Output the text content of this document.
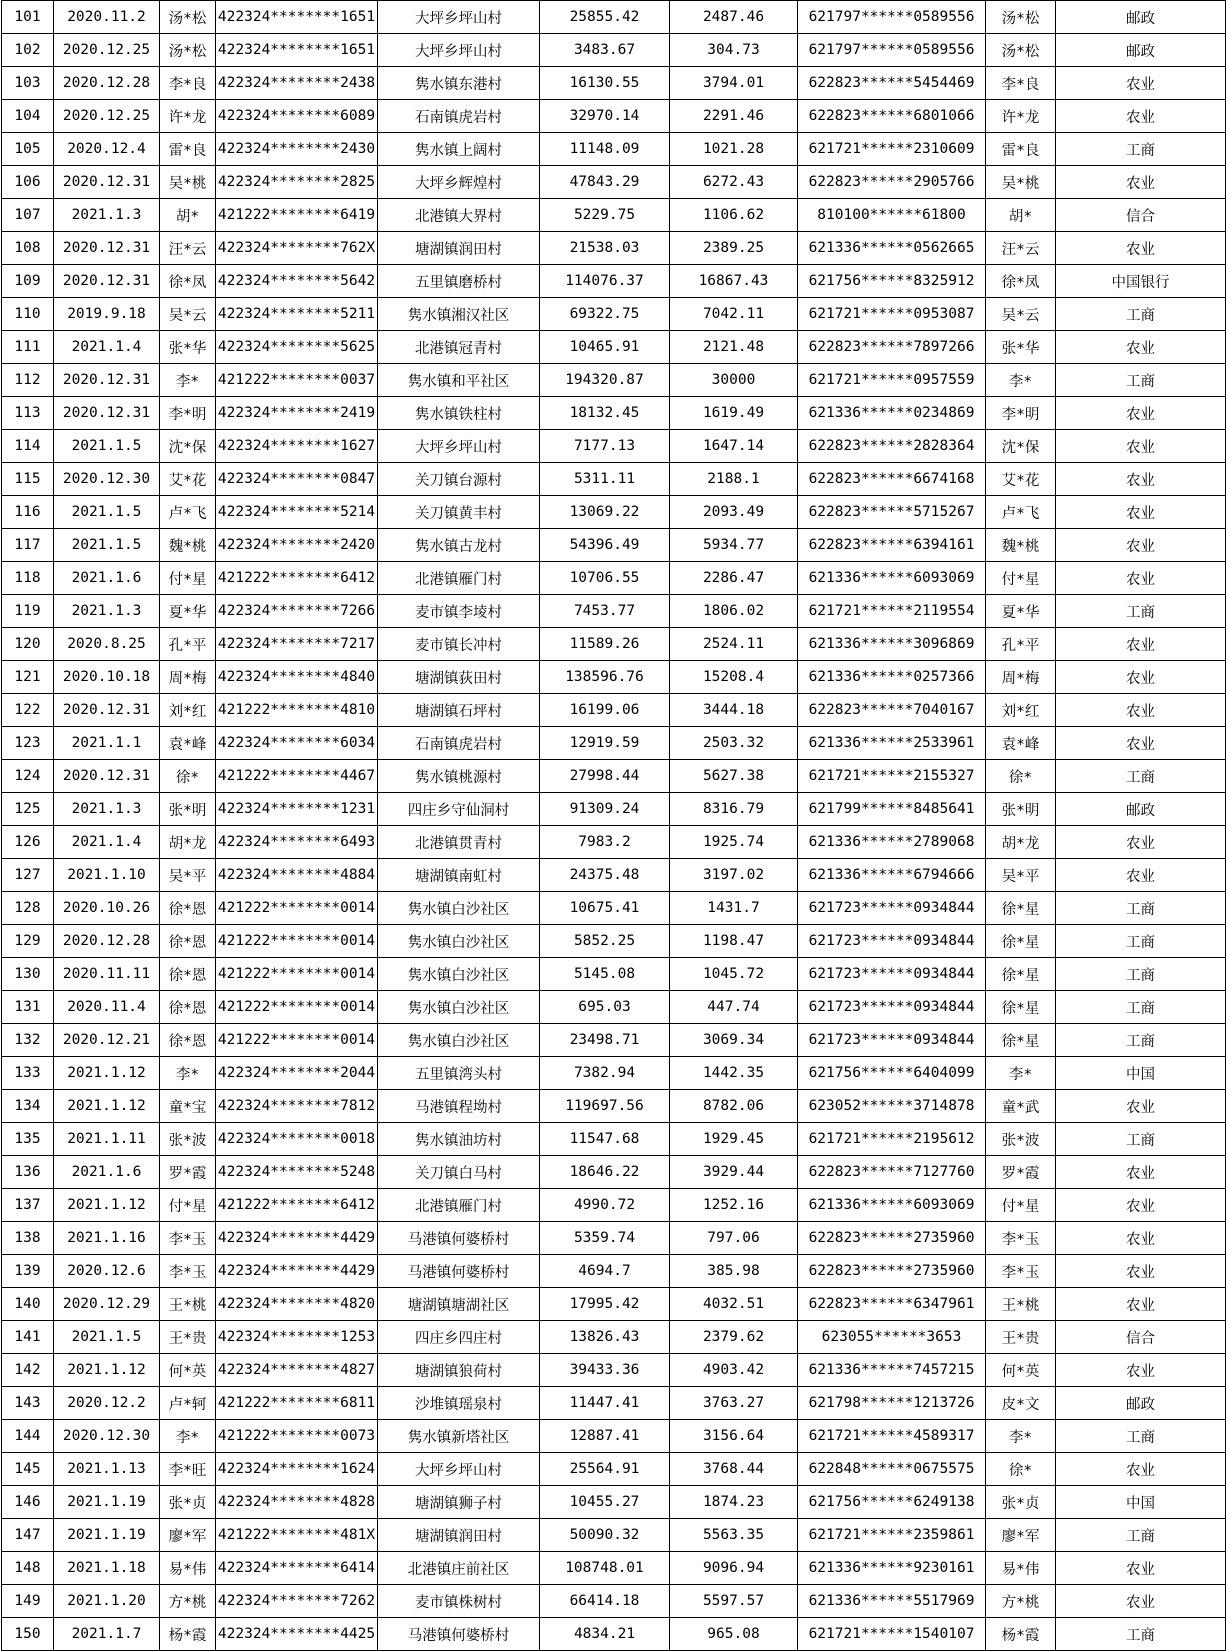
101	2020.11.2	汤*松	422324********1651	大坪乡坪山村	25855.42	2487.46	621797******0589556	汤*松	邮政
102	2020.12.25	汤*松	422324********1651	大坪乡坪山村	3483.67	304.73	621797******0589556	汤*松	邮政
103	2020.12.28	李*良	422324********2438	隽水镇东港村	16130.55	3794.01	622823******5454469	李*良	农业
104	2020.12.25	许*龙	422324********6089	石南镇虎岩村	32970.14	2291.46	622823******6801066	许*龙	农业
105	2020.12.4	雷*良	422324********2430	隽水镇上阔村	11148.09	1021.28	621721******2310609	雷*良	工商
106	2020.12.31	吴*桃	422324********2825	大坪乡辉煌村	47843.29	6272.43	622823******2905766	吴*桃	农业
107	2021.1.3	胡*	421222********6419	北港镇大界村	5229.75	1106.62	810100******61800	胡*	信合
108	2020.12.31	汪*云	422324********762X	塘湖镇润田村	21538.03	2389.25	621336******0562665	汪*云	农业
109	2020.12.31	徐*凤	422324********5642	五里镇磨桥村	114076.37	16867.43	621756******8325912	徐*凤	中国银行
110	2019.9.18	吴*云	422324********5211	隽水镇湘汉社区	69322.75	7042.11	621721******0953087	吴*云	工商
111	2021.1.4	张*华	422324********5625	北港镇冠青村	10465.91	2121.48	622823******7897266	张*华	农业
112	2020.12.31	李*	421222********0037	隽水镇和平社区	194320.87	30000	621721******0957559	李*	工商
113	2020.12.31	李*明	422324********2419	隽水镇铁柱村	18132.45	1619.49	621336******0234869	李*明	农业
114	2021.1.5	沈*保	422324********1627	大坪乡坪山村	7177.13	1647.14	622823******2828364	沈*保	农业
115	2020.12.30	艾*花	422324********0847	关刀镇台源村	5311.11	2188.1	622823******6674168	艾*花	农业
116	2021.1.5	卢*飞	422324********5214	关刀镇黄丰村	13069.22	2093.49	622823******5715267	卢*飞	农业
117	2021.1.5	魏*桃	422324********2420	隽水镇古龙村	54396.49	5934.77	622823******6394161	魏*桃	农业
118	2021.1.6	付*星	421222********6412	北港镇雁门村	10706.55	2286.47	621336******6093069	付*星	农业
119	2021.1.3	夏*华	422324********7266	麦市镇李堎村	7453.77	1806.02	621721******2119554	夏*华	工商
120	2020.8.25	孔*平	422324********7217	麦市镇长冲村	11589.26	2524.11	621336******3096869	孔*平	农业
121	2020.10.18	周*梅	422324********4840	塘湖镇荻田村	138596.76	15208.4	621336******0257366	周*梅	农业
122	2020.12.31	刘*红	421222********4810	塘湖镇石坪村	16199.06	3444.18	622823******7040167	刘*红	农业
123	2021.1.1	袁*峰	422324********6034	石南镇虎岩村	12919.59	2503.32	621336******2533961	袁*峰	农业
124	2020.12.31	徐*	421222********4467	隽水镇桃源村	27998.44	5627.38	621721******2155327	徐*	工商
125	2021.1.3	张*明	422324********1231	四庄乡守仙洞村	91309.24	8316.79	621799******8485641	张*明	邮政
126	2021.1.4	胡*龙	422324********6493	北港镇贯青村	7983.2	1925.74	621336******2789068	胡*龙	农业
127	2021.1.10	吴*平	422324********4884	塘湖镇南虹村	24375.48	3197.02	621336******6794666	吴*平	农业
128	2020.10.26	徐*恩	421222********0014	隽水镇白沙社区	10675.41	1431.7	621723******0934844	徐*星	工商
129	2020.12.28	徐*恩	421222********0014	隽水镇白沙社区	5852.25	1198.47	621723******0934844	徐*星	工商
130	2020.11.11	徐*恩	421222********0014	隽水镇白沙社区	5145.08	1045.72	621723******0934844	徐*星	工商
131	2020.11.4	徐*恩	421222********0014	隽水镇白沙社区	695.03	447.74	621723******0934844	徐*星	工商
132	2020.12.21	徐*恩	421222********0014	隽水镇白沙社区	23498.71	3069.34	621723******0934844	徐*星	工商
133	2021.1.12	李*	422324********2044	五里镇湾头村	7382.94	1442.35	621756******6404099	李*	中国
134	2021.1.12	童*宝	422324********7812	马港镇程坳村	119697.56	8782.06	623052******3714878	童*武	农业
135	2021.1.11	张*波	422324********0018	隽水镇油坊村	11547.68	1929.45	621721******2195612	张*波	工商
136	2021.1.6	罗*霞	422324********5248	关刀镇白马村	18646.22	3929.44	622823******7127760	罗*霞	农业
137	2021.1.12	付*星	421222********6412	北港镇雁门村	4990.72	1252.16	621336******6093069	付*星	农业
138	2021.1.16	李*玉	422324********4429	马港镇何婆桥村	5359.74	797.06	622823******2735960	李*玉	农业
139	2020.12.6	李*玉	422324********4429	马港镇何婆桥村	4694.7	385.98	622823******2735960	李*玉	农业
140	2020.12.29	王*桃	422324********4820	塘湖镇塘湖社区	17995.42	4032.51	622823******6347961	王*桃	农业
141	2021.1.5	王*贵	422324********1253	四庄乡四庄村	13826.43	2379.62	623055******3653	王*贵	信合
142	2021.1.12	何*英	422324********4827	塘湖镇狼荷村	39433.36	4903.42	621336******7457215	何*英	农业
143	2020.12.2	卢*轲	421222********6811	沙堆镇瑶泉村	11447.41	3763.27	621798******1213726	皮*文	邮政
144	2020.12.30	李*	421222********0073	隽水镇新塔社区	12887.41	3156.64	621721******4589317	李*	工商
145	2021.1.13	李*旺	422324********1624	大坪乡坪山村	25564.91	3768.44	622848******0675575	徐*	农业
146	2021.1.19	张*贞	422324********4828	塘湖镇狮子村	10455.27	1874.23	621756******6249138	张*贞	中国
147	2021.1.19	廖*军	421222********481X	塘湖镇润田村	50090.32	5563.35	621721******2359861	廖*军	工商
148	2021.1.18	易*伟	422324********6414	北港镇庄前社区	108748.01	9096.94	621336******9230161	易*伟	农业
149	2021.1.20	方*桃	422324********7262	麦市镇株树村	66414.18	5597.57	621336******5517969	方*桃	农业
150	2021.1.7	杨*霞	422324********4425	马港镇何婆桥村	4834.21	965.08	621721******1540107	杨*霞	工商
